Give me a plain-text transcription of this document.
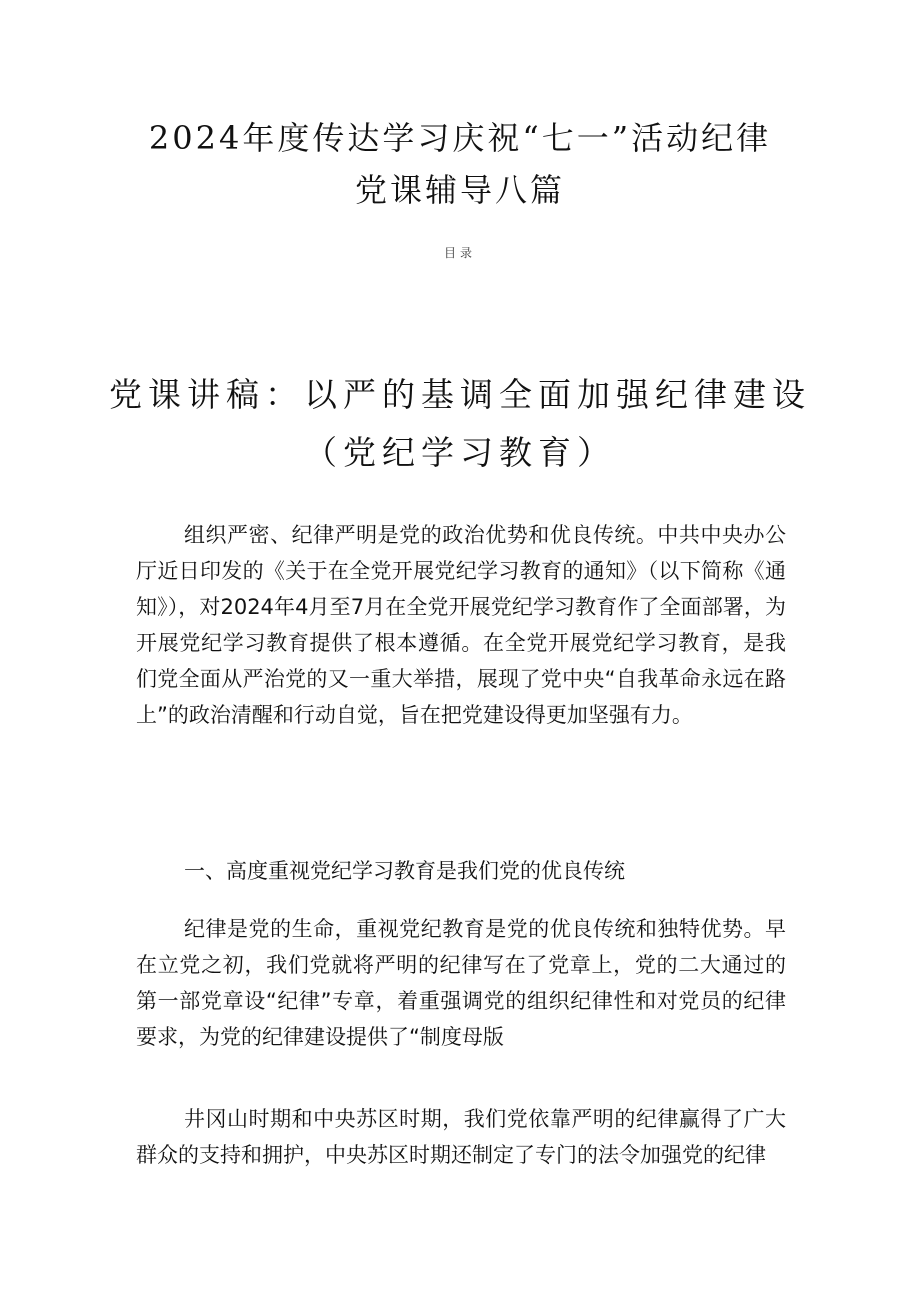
2024年度传达学习庆祝“七一”活动纪律
党课辅导八篇
目录
党课讲稿：以严的基调全面加强纪律建设
（党纪学习教育）

组织严密、纪律严明是党的政治优势和优良传统。中共中央办公厅近日印发的《关于在全党开展党纪学习教育的通知》（以下简称《通知》），对2024年4月至7月在全党开展党纪学习教育作了全面部署，为开展党纪学习教育提供了根本遵循。在全党开展党纪学习教育，是我们党全面从严治党的又一重大举措，展现了党中央“自我革命永远在路上”的政治清醒和行动自觉，旨在把党建设得更加坚强有力。

一、高度重视党纪学习教育是我们党的优良传统

纪律是党的生命，重视党纪教育是党的优良传统和独特优势。早在立党之初，我们党就将严明的纪律写在了党章上，党的二大通过的第一部党章设“纪律”专章，着重强调党的组织纪律性和对党员的纪律要求，为党的纪律建设提供了“制度母版

井冈山时期和中央苏区时期，我们党依靠严明的纪律赢得了广大群众的支持和拥护，中央苏区时期还制定了专门的法令加强党的纪律
